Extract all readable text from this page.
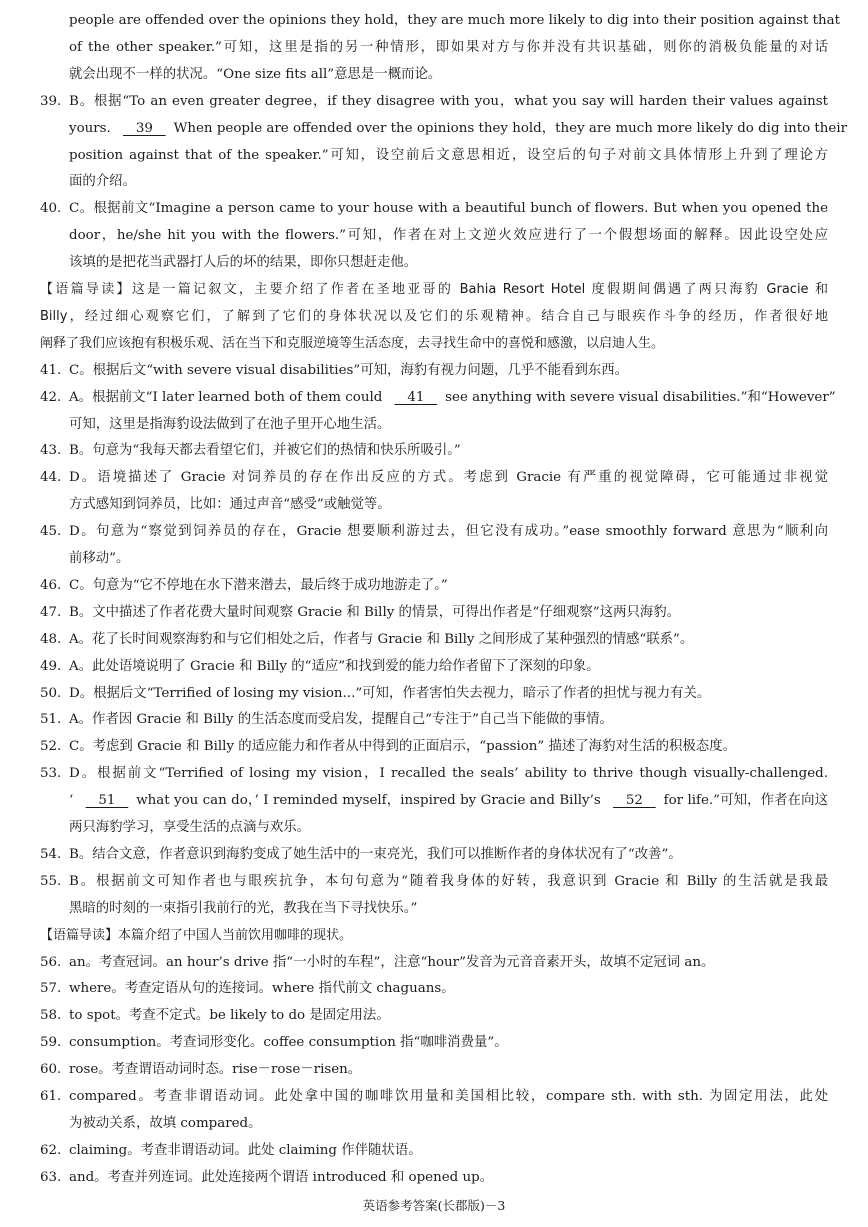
people are offended over the opinions they hold，they are much more likely to dig into their position against that
of the other speaker.”可知，这里是指的另一种情形，即如果对方与你并没有共识基础，则你的消极负能量的对话
就会出现不一样的状况。“One size fits all”意思是一概而论。
39. B。根据“To an even greater degree，if they disagree with you，what you say will harden their values against
yours.    39   When people are offended over the opinions they hold，they are much more likely do dig into their
position against that of the speaker.”可知，设空前后文意思相近，设空后的句子对前文具体情形上升到了理论方
面的介绍。
40. C。根据前文“Imagine a person came to your house with a beautiful bunch of flowers. But when you opened the
door，he/she hit you with the flowers.”可知，作者在对上文逆火效应进行了一个假想场面的解释。因此设空处应
该填的是把花当武器打人后的坏的结果，即你只想赶走他。
【语篇导读】这是一篇记叙文，主要介绍了作者在圣地亚哥的 Bahia Resort Hotel 度假期间偶遇了两只海豹 Gracie 和
Billy，经过细心观察它们，了解到了它们的身体状况以及它们的乐观精神。结合自己与眼疾作斗争的经历，作者很好地
阐释了我们应该抱有积极乐观、活在当下和克服逆境等生活态度，去寻找生命中的喜悦和感激，以启迪人生。
41. C。根据后文“with severe visual disabilities”可知，海豹有视力问题，几乎不能看到东西。
42. A。根据前文“I later learned both of them could    41   see anything with severe visual disabilities.”和“However”
可知，这里是指海豹设法做到了在池子里开心地生活。
43. B。句意为“我每天都去看望它们，并被它们的热情和快乐所吸引。”
44. D。语境描述了 Gracie 对饲养员的存在作出反应的方式。考虑到 Gracie 有严重的视觉障碍，它可能通过非视觉
方式感知到饲养员，比如：通过声音“感受”或触觉等。
45. D。句意为“察觉到饲养员的存在，Gracie 想要顺利游过去，但它没有成功。”ease smoothly forward 意思为“顺利向
前移动”。
46. C。句意为“它不停地在水下潜来潜去，最后终于成功地游走了。”
47. B。文中描述了作者花费大量时间观察 Gracie 和 Billy 的情景，可得出作者是“仔细观察”这两只海豹。
48. A。花了长时间观察海豹和与它们相处之后，作者与 Gracie 和 Billy 之间形成了某种强烈的情感“联系”。
49. A。此处语境说明了 Gracie 和 Billy 的“适应”和找到爱的能力给作者留下了深刻的印象。
50. D。根据后文“Terrified of losing my vision...”可知，作者害怕失去视力，暗示了作者的担忧与视力有关。
51. A。作者因 Gracie 和 Billy 的生活态度而受启发，提醒自己“专注于”自己当下能做的事情。
52. C。考虑到 Gracie 和 Billy 的适应能力和作者从中得到的正面启示，“passion” 描述了海豹对生活的积极态度。
53. D。根据前文“Terrified of losing my vision，I recalled the seals’ ability to thrive though visually-challenged.
‘    51   what you can do，’ I reminded myself，inspired by Gracie and Billy’s    52   for life.”可知，作者在向这
两只海豹学习，享受生活的点滴与欢乐。
54. B。结合文意，作者意识到海豹变成了她生活中的一束亮光，我们可以推断作者的身体状况有了“改善”。
55. B。根据前文可知作者也与眼疾抗争，本句句意为“随着我身体的好转，我意识到 Gracie 和 Billy 的生活就是我最
黑暗的时刻的一束指引我前行的光，教我在当下寻找快乐。”
【语篇导读】本篇介绍了中国人当前饮用咖啡的现状。
56. an。考查冠词。an hour’s drive 指“一小时的车程”，注意“hour”发音为元音音素开头，故填不定冠词 an。
57. where。考查定语从句的连接词。where 指代前文 chaguans。
58. to spot。考查不定式。be likely to do 是固定用法。
59. consumption。考查词形变化。coffee consumption 指“咖啡消费量”。
60. rose。考查谓语动词时态。rise－rose－risen。
61. compared。考查非谓语动词。此处拿中国的咖啡饮用量和美国相比较，compare sth. with sth. 为固定用法，此处
为被动关系，故填 compared。
62. claiming。考查非谓语动词。此处 claiming 作伴随状语。
63. and。考查并列连词。此处连接两个谓语 introduced 和 opened up。
英语参考答案(长郡版)－3
